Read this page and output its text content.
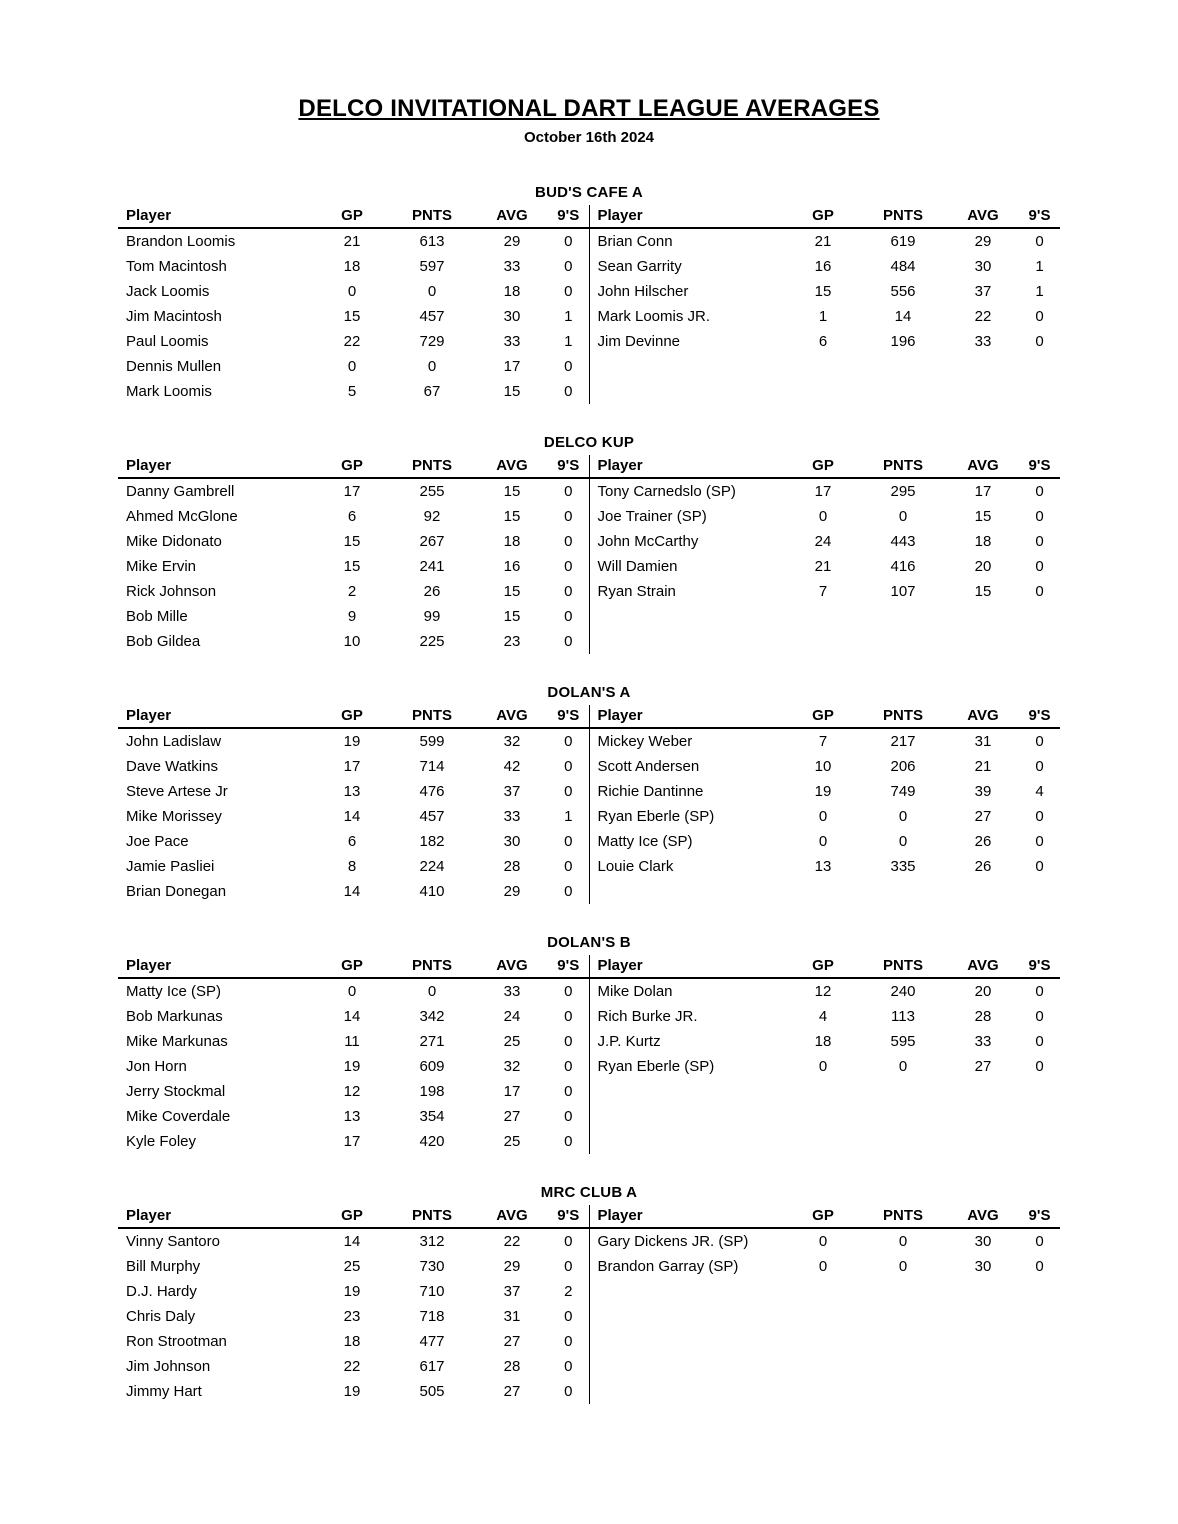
DELCO INVITATIONAL DART LEAGUE AVERAGES
October 16th 2024
BUD'S CAFE A
Player	GP	PNTS	AVG	9'S	Player	GP	PNTS	AVG	9'S
Brandon Loomis	21	613	29	0	Brian Conn	21	619	29	0
Tom Macintosh	18	597	33	0	Sean Garrity	16	484	30	1
Jack Loomis	0	0	18	0	John Hilscher	15	556	37	1
Jim Macintosh	15	457	30	1	Mark Loomis JR.	1	14	22	0
Paul Loomis	22	729	33	1	Jim Devinne	6	196	33	0
Dennis Mullen	0	0	17	0					
Mark Loomis	5	67	15	0					
DELCO KUP
Player	GP	PNTS	AVG	9'S	Player	GP	PNTS	AVG	9'S
Danny Gambrell	17	255	15	0	Tony Carnedslo (SP)	17	295	17	0
Ahmed McGlone	6	92	15	0	Joe Trainer (SP)	0	0	15	0
Mike Didonato	15	267	18	0	John McCarthy	24	443	18	0
Mike Ervin	15	241	16	0	Will Damien	21	416	20	0
Rick Johnson	2	26	15	0	Ryan Strain	7	107	15	0
Bob Mille	9	99	15	0					
Bob Gildea	10	225	23	0					
DOLAN'S A
Player	GP	PNTS	AVG	9'S	Player	GP	PNTS	AVG	9'S
John Ladislaw	19	599	32	0	Mickey Weber	7	217	31	0
Dave Watkins	17	714	42	0	Scott Andersen	10	206	21	0
Steve Artese Jr	13	476	37	0	Richie Dantinne	19	749	39	4
Mike Morissey	14	457	33	1	Ryan Eberle (SP)	0	0	27	0
Joe Pace	6	182	30	0	Matty Ice (SP)	0	0	26	0
Jamie Pasliei	8	224	28	0	Louie Clark	13	335	26	0
Brian Donegan	14	410	29	0					
DOLAN'S B
Player	GP	PNTS	AVG	9'S	Player	GP	PNTS	AVG	9'S
Matty Ice (SP)	0	0	33	0	Mike Dolan	12	240	20	0
Bob Markunas	14	342	24	0	Rich Burke JR.	4	113	28	0
Mike Markunas	11	271	25	0	J.P. Kurtz	18	595	33	0
Jon Horn	19	609	32	0	Ryan Eberle (SP)	0	0	27	0
Jerry Stockmal	12	198	17	0					
Mike Coverdale	13	354	27	0					
Kyle Foley	17	420	25	0					
MRC CLUB A
Player	GP	PNTS	AVG	9'S	Player	GP	PNTS	AVG	9'S
Vinny Santoro	14	312	22	0	Gary Dickens JR. (SP)	0	0	30	0
Bill Murphy	25	730	29	0	Brandon Garray (SP)	0	0	30	0
D.J. Hardy	19	710	37	2					
Chris Daly	23	718	31	0					
Ron Strootman	18	477	27	0					
Jim Johnson	22	617	28	0					
Jimmy Hart	19	505	27	0					
